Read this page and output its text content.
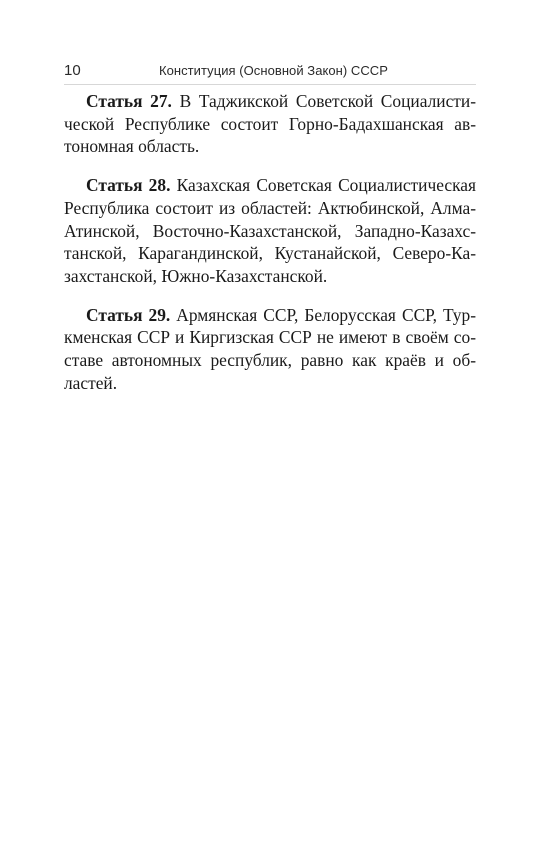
10	Конституция (Основной Закон) СССР
Статья 27. В Таджикской Советской Социалисти-
ческой Республике состоит Горно-Бадахшанская ав-
тономная область.
Статья 28. Казахская Советская Социалистическая
Республика состоит из областей: Актюбинской, Алма-
Атинской, Восточно-Казахстанской, Западно-Казахс-
танской, Карагандинской, Кустанайской, Северо-Ка-
захстанской, Южно-Казахстанской.
Статья 29. Армянская ССР, Белорусская ССР, Тур-
кменская ССР и Киргизская ССР не имеют в своём со-
ставе автономных республик, равно как краёв и об-
ластей.
